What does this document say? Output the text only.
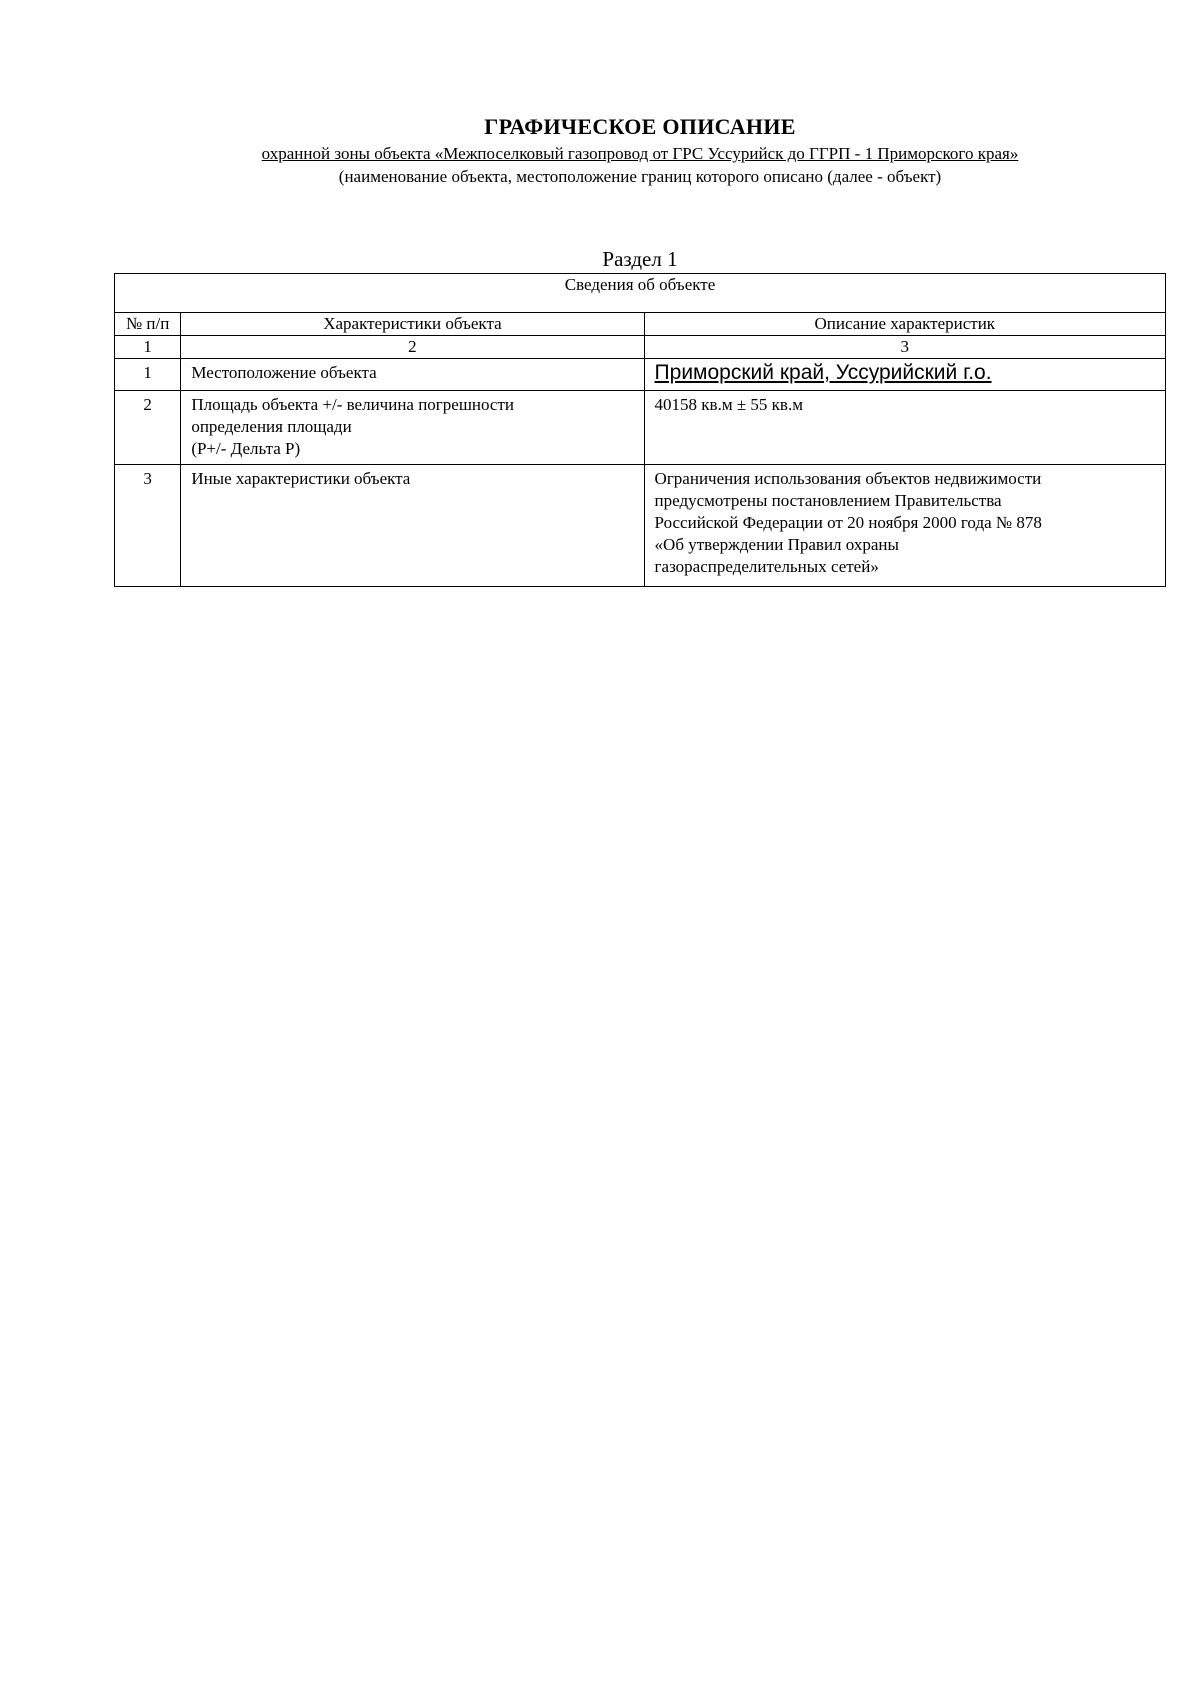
ГРАФИЧЕСКОЕ ОПИСАНИЕ
охранной зоны объекта «Межпоселковый газопровод от ГРС Уссурийск до ГГРП - 1 Приморского края»
(наименование объекта, местоположение границ которого описано (далее - объект)
Раздел 1
Сведения об объекте		
№ п/п	Характеристики объекта	Описание характеристик
1	2	3
1	Местоположение объекта	Приморский край, Уссурийский г.о.
2	Площадь объекта +/- величина погрешности
определения площади
(Р+/- Дельта Р)	40158 кв.м ± 55 кв.м
3	Иные характеристики объекта	Ограничения использования объектов недвижимости
предусмотрены постановлением Правительства
Российской Федерации от 20 ноября 2000 года № 878
«Об утверждении Правил охраны
газораспределительных сетей»
